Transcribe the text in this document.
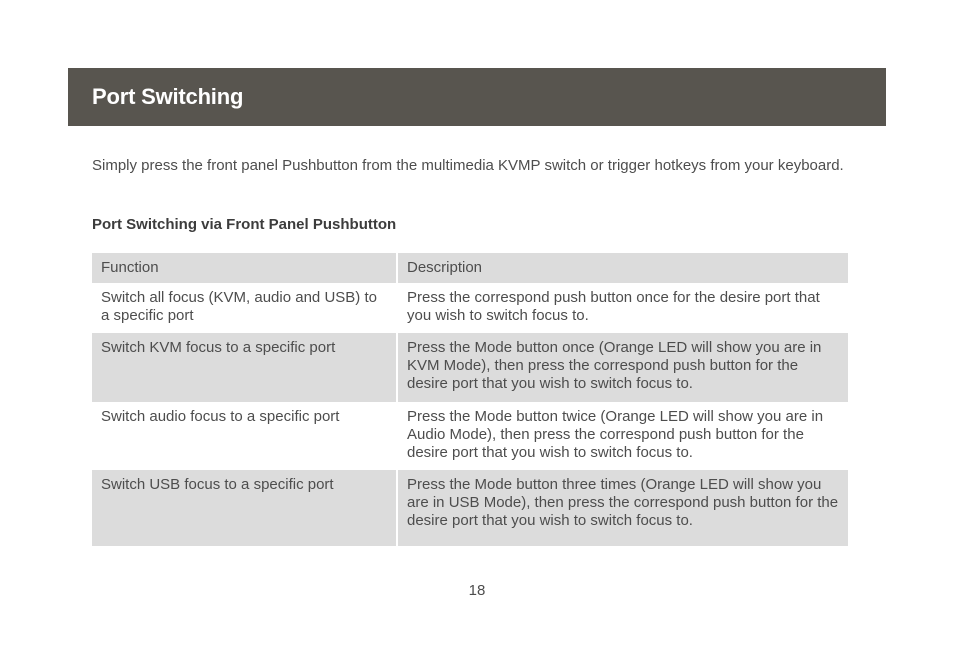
Port Switching

Simply press the front panel Pushbutton from the multimedia KVMP switch or trigger hotkeys from your keyboard.

Port Switching via Front Panel Pushbutton
Function	Description
Switch all focus (KVM, audio and USB) to a specific port	Press the correspond push button once for the desire port that you wish to switch focus to.
Switch KVM focus to a specific port	Press the Mode button once (Orange LED will show you are in KVM Mode), then press the correspond push button for the desire port that you wish to switch focus to.
Switch audio focus to a specific port	Press the Mode button twice (Orange LED will show you are in Audio Mode), then press the correspond push button for the desire port that you wish to switch focus to.
Switch USB focus to a specific port	Press the Mode button three times (Orange LED will show you are in USB Mode), then press the correspond push button for the desire port that you wish to switch focus to.
18
